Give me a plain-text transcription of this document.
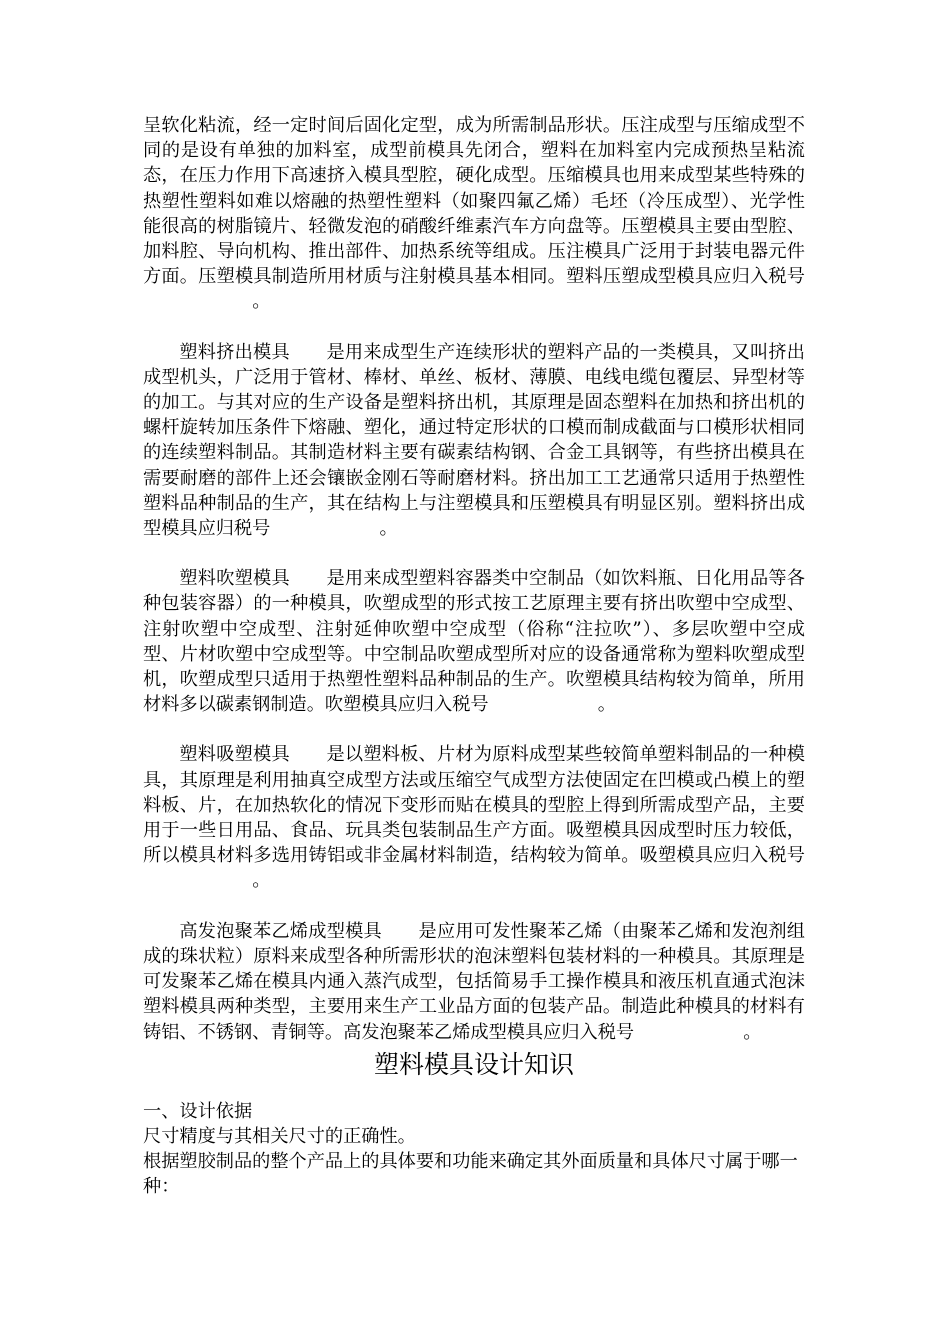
呈软化粘流，经一定时间后固化定型，成为所需制品形状。压注成型与压缩成型不同的是设有单独的加料室，成型前模具先闭合，塑料在加料室内完成预热呈粘流态，在压力作用下高速挤入模具型腔，硬化成型。压缩模具也用来成型某些特殊的热塑性塑料如难以熔融的热塑性塑料（如聚四氟乙烯）毛坯（冷压成型）、光学性能很高的树脂镜片、轻微发泡的硝酸纤维素汽车方向盘等。压塑模具主要由型腔、加料腔、导向机构、推出部件、加热系统等组成。压注模具广泛用于封装电器元件方面。压塑模具制造所用材质与注射模具基本相同。塑料压塑成型模具应归入税号。

塑料挤出模具 是用来成型生产连续形状的塑料产品的一类模具，又叫挤出成型机头，广泛用于管材、棒材、单丝、板材、薄膜、电线电缆包覆层、异型材等的加工。与其对应的生产设备是塑料挤出机，其原理是固态塑料在加热和挤出机的螺杆旋转加压条件下熔融、塑化，通过特定形状的口模而制成截面与口模形状相同的连续塑料制品。其制造材料主要有碳素结构钢、合金工具钢等，有些挤出模具在需要耐磨的部件上还会镶嵌金刚石等耐磨材料。挤出加工工艺通常只适用于热塑性塑料品种制品的生产，其在结构上与注塑模具和压塑模具有明显区别。塑料挤出成型模具应归税号	。

塑料吹塑模具 是用来成型塑料容器类中空制品（如饮料瓶、日化用品等各种包装容器）的一种模具，吹塑成型的形式按工艺原理主要有挤出吹塑中空成型、注射吹塑中空成型、注射延伸吹塑中空成型（俗称“注拉吹”）、多层吹塑中空成型、片材吹塑中空成型等。中空制品吹塑成型所对应的设备通常称为塑料吹塑成型机，吹塑成型只适用于热塑性塑料品种制品的生产。吹塑模具结构较为简单，所用材料多以碳素钢制造。吹塑模具应归入税号	。

塑料吸塑模具 是以塑料板、片材为原料成型某些较简单塑料制品的一种模具，其原理是利用抽真空成型方法或压缩空气成型方法使固定在凹模或凸模上的塑料板、片，在加热软化的情况下变形而贴在模具的型腔上得到所需成型产品，主要用于一些日用品、食品、玩具类包装制品生产方面。吸塑模具因成型时压力较低，所以模具材料多选用铸铝或非金属材料制造，结构较为简单。吸塑模具应归入税号。

高发泡聚苯乙烯成型模具 是应用可发性聚苯乙烯（由聚苯乙烯和发泡剂组成的珠状粒）原料来成型各种所需形状的泡沫塑料包装材料的一种模具。其原理是可发聚苯乙烯在模具内通入蒸汽成型，包括简易手工操作模具和液压机直通式泡沫塑料模具两种类型，主要用来生产工业品方面的包装产品。制造此种模具的材料有铸铝、不锈钢、青铜等。高发泡聚苯乙烯成型模具应归入税号	。

塑料模具设计知识

一、设计依据

尺寸精度与其相关尺寸的正确性。

根据塑胶制品的整个产品上的具体要和功能来确定其外面质量和具体尺寸属于哪一种：
